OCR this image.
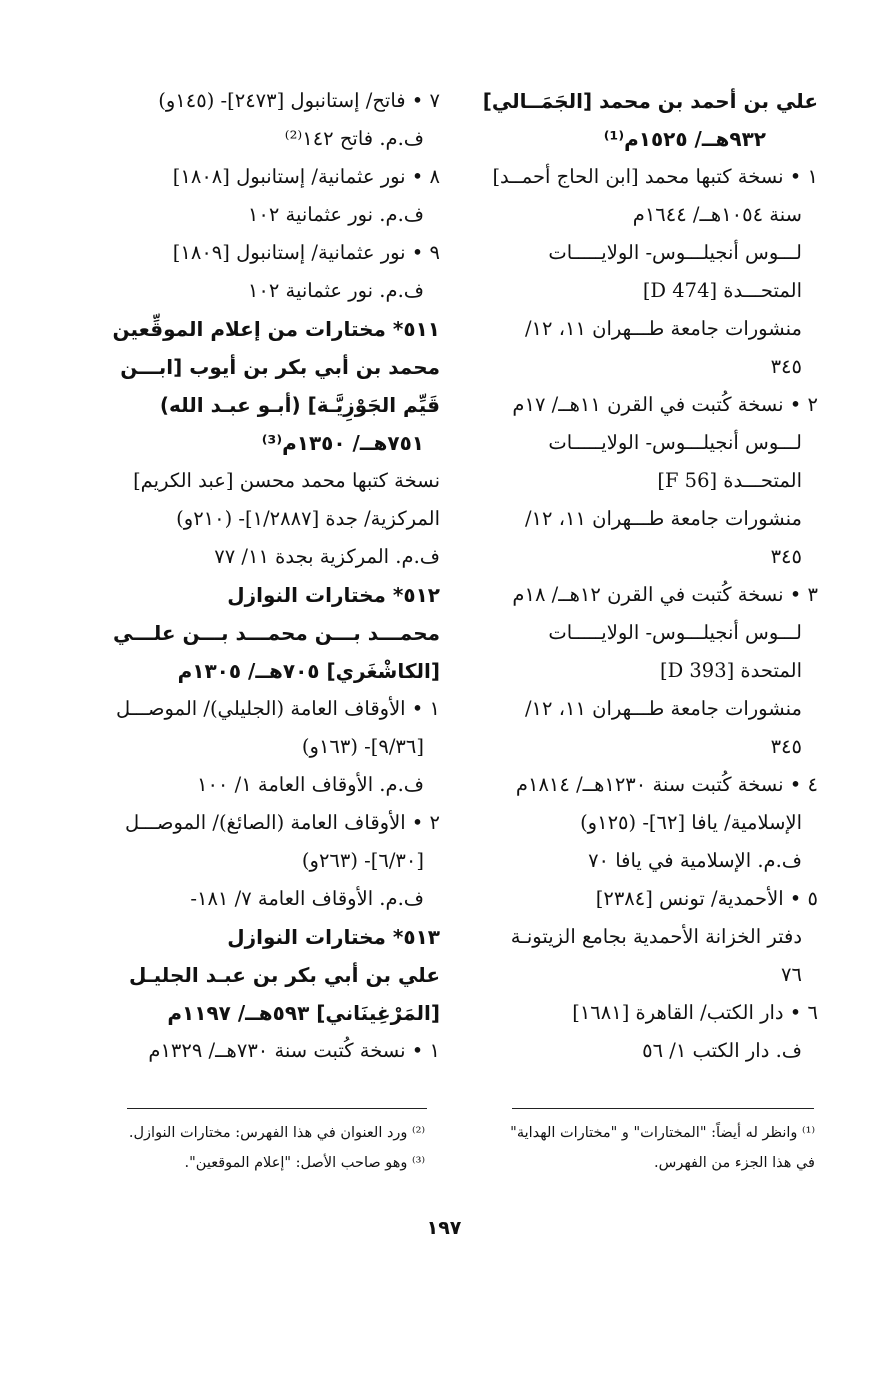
علي بن أحمد بن محمد [الجَمَــالي]
٩٣٢هــ/ ١٥٢٥م⁽¹⁾
١ • نسخة كتبها محمد [ابن الحاج أحمــد]
سنة ١٠٥٤هــ/ ١٦٤٤م
لـــوس أنجيلـــوس- الولايـــــات
المتحـــدة [D 474]
منشورات جامعة طـــهران ١١، ١٢/
٣٤٥
٢ • نسخة كُتبت في القرن ١١هــ/ ١٧م
لـــوس أنجيلـــوس- الولايـــــات
المتحـــدة [F 56]
منشورات جامعة طـــهران ١١، ١٢/
٣٤٥
٣ • نسخة كُتبت في القرن ١٢هــ/ ١٨م
لـــوس أنجيلـــوس- الولايـــــات
المتحدة [D 393]
منشورات جامعة طـــهران ١١، ١٢/
٣٤٥
٤ • نسخة كُتبت سنة ١٢٣٠هــ/ ١٨١٤م
الإسلامية/ يافا [٦٢]- (١٢٥و)
ف.م. الإسلامية في يافا ٧٠
٥ • الأحمدية/ تونس [٢٣٨٤]
دفتر الخزانة الأحمدية بجامع الزيتونـة
٧٦
٦ • دار الكتب/ القاهرة [١٦٨١]
ف. دار الكتب ١/ ٥٦
٧ • فاتح/ إستانبول [٢٤٧٣]- (١٤٥و)
ف.م. فاتح ١٤٢⁽²⁾
٨ • نور عثمانية/ إستانبول [١٨٠٨]
ف.م. نور عثمانية ١٠٢
٩ • نور عثمانية/ إستانبول [١٨٠٩]
ف.م. نور عثمانية ١٠٢
٥١١* مختارات من إعلام الموقِّعين
محمد بن أبي بكر بن أيوب [ابـــن
قَيِّم الجَوْزِيَّـة] (أبـو عبـد الله)
٧٥١هــ/ ١٣٥٠م⁽³⁾
نسخة كتبها محمد محسن [عبد الكريم]
المركزية/ جدة [١/٢٨٨٧]- (٢١٠و)
ف.م. المركزية بجدة ١١/ ٧٧
٥١٢* مختارات النوازل
محمـــد بـــن محمـــد بـــن علـــي
[الكاشْغَري] ٧٠٥هــ/ ١٣٠٥م
١ • الأوقاف العامة (الجليلي)/ الموصـــل
[٩/٣٦]- (١٦٣و)
ف.م. الأوقاف العامة ١/ ١٠٠
٢ • الأوقاف العامة (الصائغ)/ الموصـــل
[٦/٣٠]- (٢٦٣و)
ف.م. الأوقاف العامة ٧/ ١٨١-
٥١٣* مختارات النوازل
علي بن أبي بكر بن عبـد الجليـل
[المَرْغِينَاني] ٥٩٣هــ/ ١١٩٧م
١ • نسخة كُتبت سنة ٧٣٠هــ/ ١٣٢٩م
⁽¹⁾ وانظر له أيضاً: "المختارات" و "مختارات الهداية"
في هذا الجزء من الفهرس.
⁽²⁾ ورد العنوان في هذا الفهرس: مختارات النوازل.
⁽³⁾ وهو صاحب الأصل: "إعلام الموقعين".
١٩٧
